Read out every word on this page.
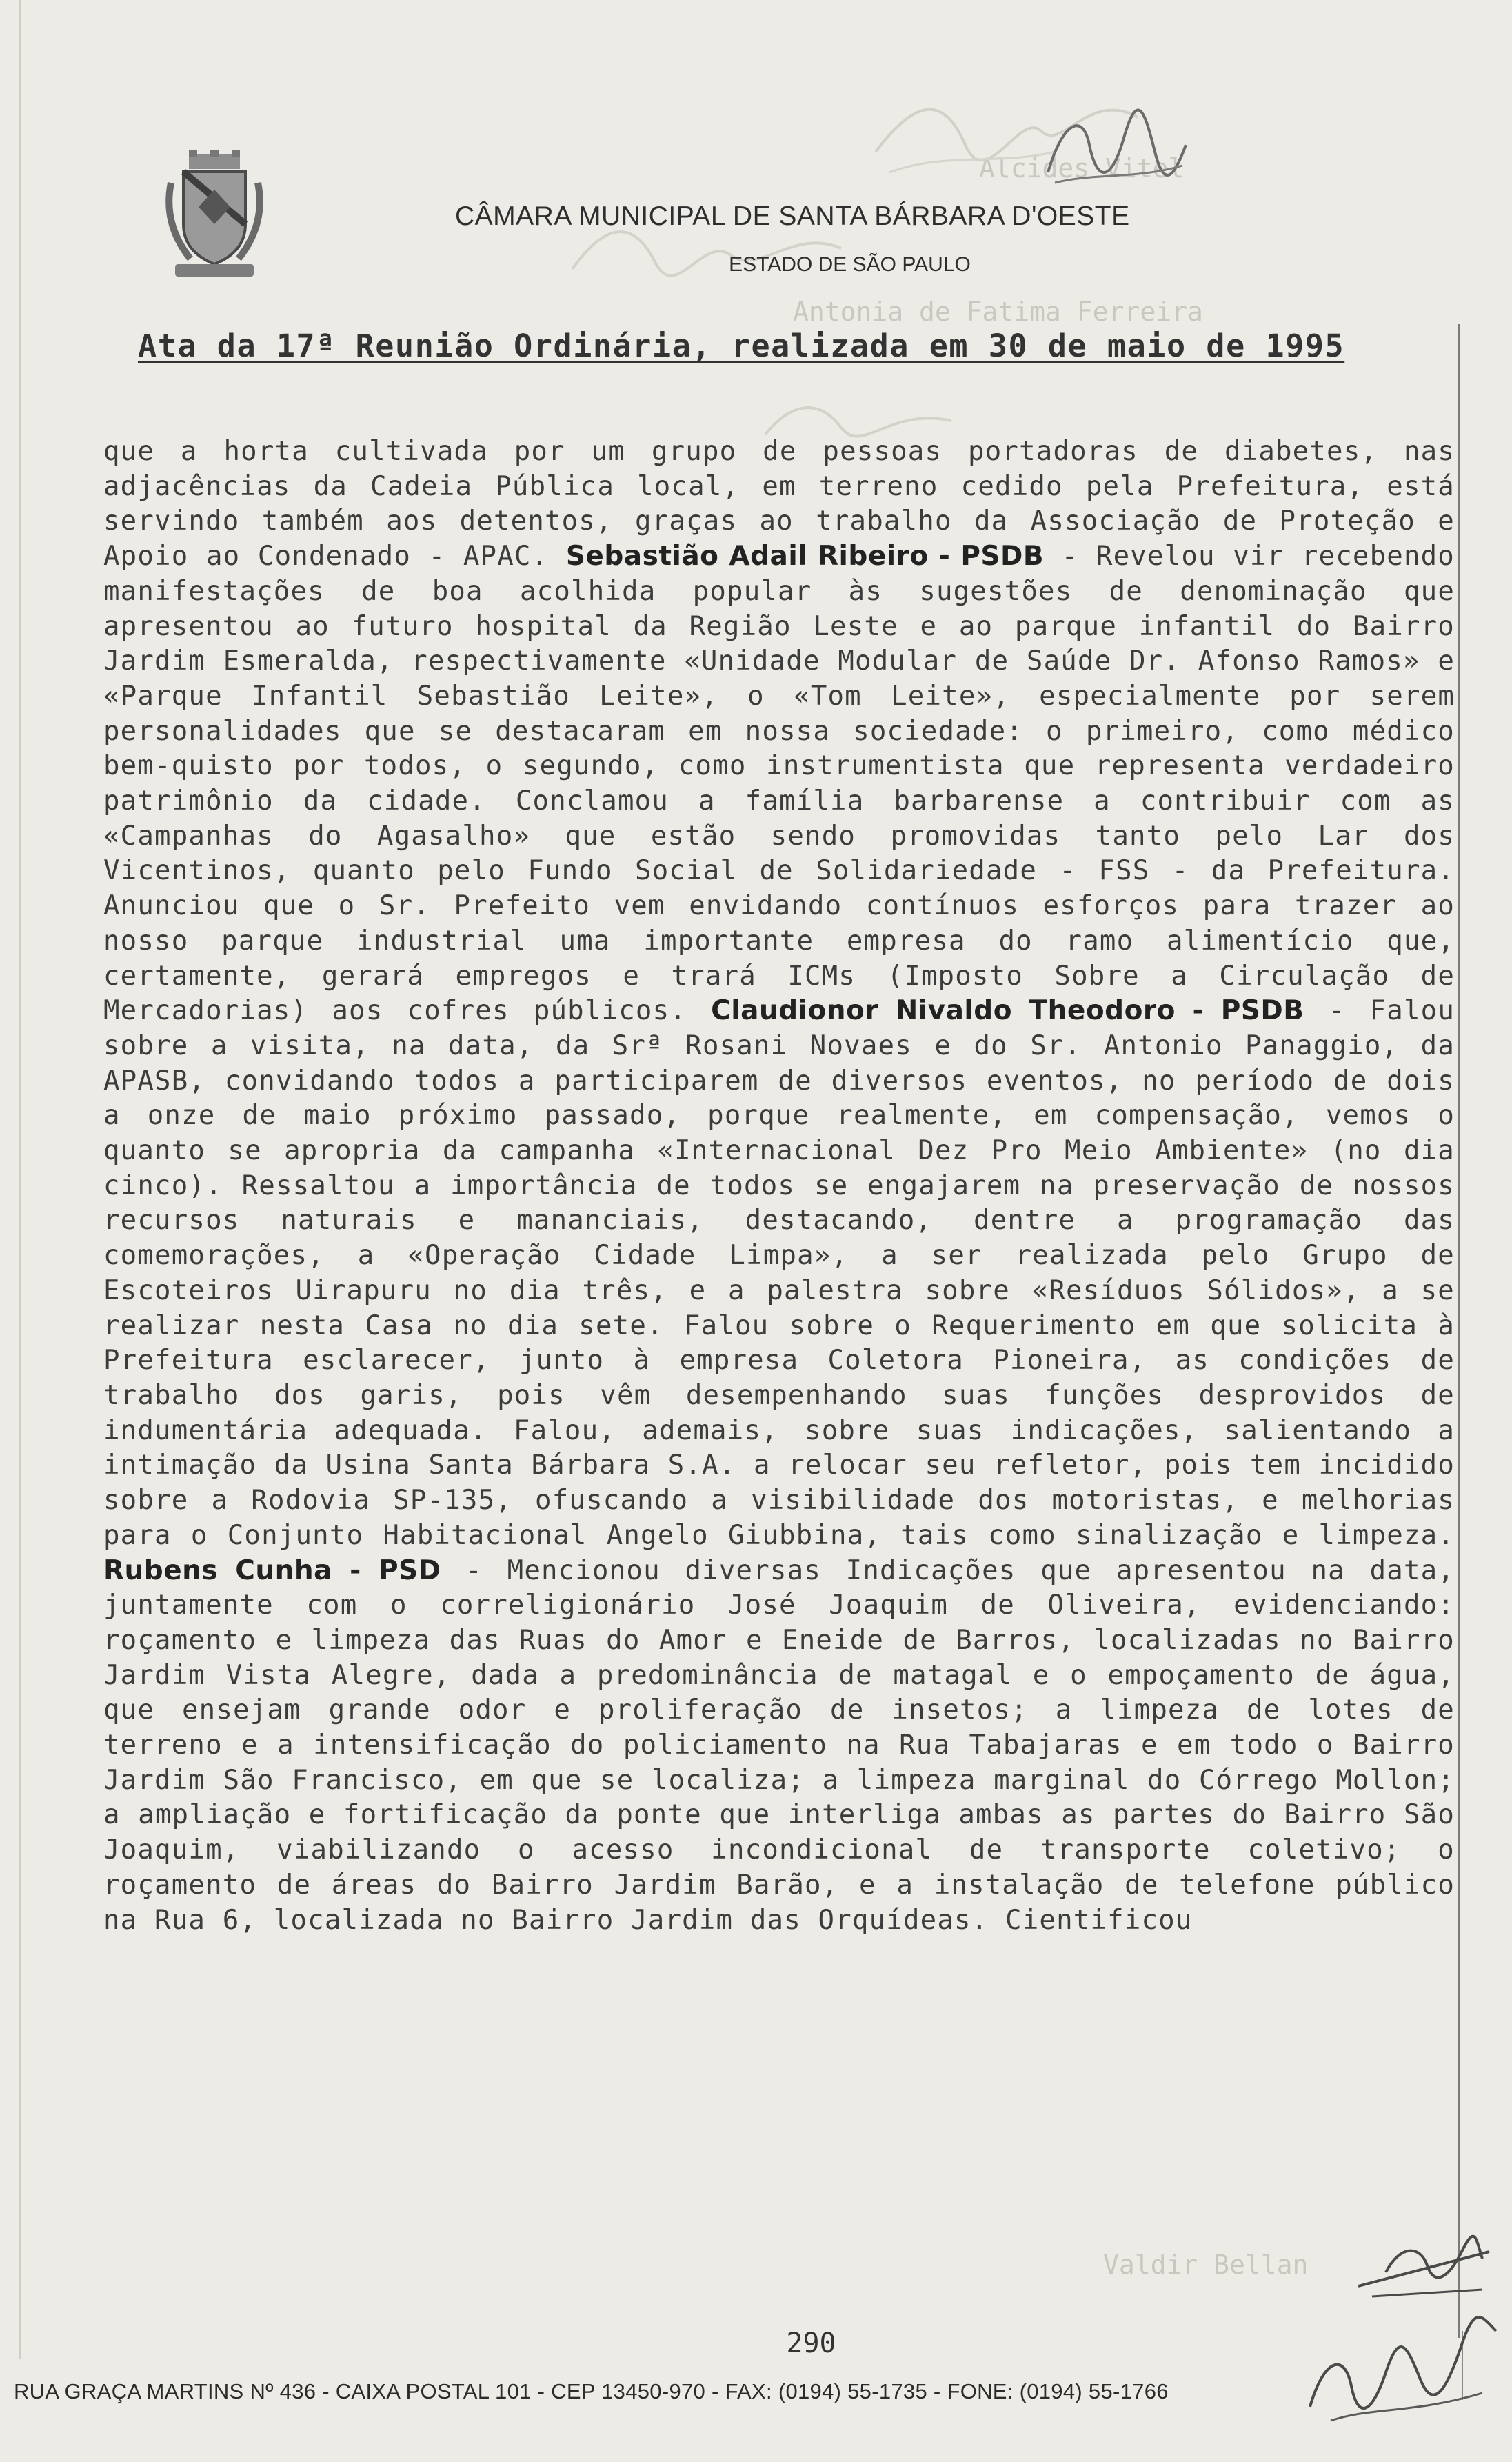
Alcides Vitel
Antonia de Fatima Ferreira
Valdir Bellan
CÂMARA MUNICIPAL DE SANTA BÁRBARA D'OESTE
ESTADO DE SÃO PAULO
Ata da 17ª Reunião Ordinária, realizada em 30 de maio de 1995
que a horta cultivada por um grupo de pessoas portadoras de diabetes, nas adjacências da Cadeia Pública local, em terreno cedido pela Prefeitura, está servindo também aos detentos, graças ao trabalho da Associação de Proteção e Apoio ao Condenado - APAC. Sebastião Adail Ribeiro - PSDB - Revelou vir recebendo manifestações de boa acolhida popular às sugestões de denominação que apresentou ao futuro hospital da Região Leste e ao parque infantil do Bairro Jardim Esmeralda, respectivamente «Unidade Modular de Saúde Dr. Afonso Ramos» e «Parque Infantil Sebastião Leite», o «Tom Leite», especialmente por serem personalidades que se destacaram em nossa sociedade: o primeiro, como médico bem-quisto por todos, o segundo, como instrumentista que representa verdadeiro patrimônio da cidade. Conclamou a família barbarense a contribuir com as «Campanhas do Agasalho» que estão sendo promovidas tanto pelo Lar dos Vicentinos, quanto pelo Fundo Social de Solidariedade - FSS - da Prefeitura. Anunciou que o Sr. Prefeito vem envidando contínuos esforços para trazer ao nosso parque industrial uma importante empresa do ramo alimentício que, certamente, gerará empregos e trará ICMs (Imposto Sobre a Circulação de Mercadorias) aos cofres públicos. Claudionor Nivaldo Theodoro - PSDB - Falou sobre a visita, na data, da Srª Rosani Novaes e do Sr. Antonio Panaggio, da APASB, convidando todos a participarem de diversos eventos, no período de dois a onze de maio próximo passado, porque realmente, em compensação, vemos o quanto se apropria da campanha «Internacional Dez Pro Meio Ambiente» (no dia cinco). Ressaltou a importância de todos se engajarem na preservação de nossos recursos naturais e mananciais, destacando, dentre a programação das comemorações, a «Operação Cidade Limpa», a ser realizada pelo Grupo de Escoteiros Uirapuru no dia três, e a palestra sobre «Resíduos Sólidos», a se realizar nesta Casa no dia sete. Falou sobre o Requerimento em que solicita à Prefeitura esclarecer, junto à empresa Coletora Pioneira, as condições de trabalho dos garis, pois vêm desempenhando suas funções desprovidos de indumentária adequada. Falou, ademais, sobre suas indicações, salientando a intimação da Usina Santa Bárbara S.A. a relocar seu refletor, pois tem incidido sobre a Rodovia SP-135, ofuscando a visibilidade dos motoristas, e melhorias para o Conjunto Habitacional Angelo Giubbina, tais como sinalização e limpeza. Rubens Cunha - PSD - Mencionou diversas Indicações que apresentou na data, juntamente com o correligionário José Joaquim de Oliveira, evidenciando: roçamento e limpeza das Ruas do Amor e Eneide de Barros, localizadas no Bairro Jardim Vista Alegre, dada a predominância de matagal e o empoçamento de água, que ensejam grande odor e proliferação de insetos; a limpeza de lotes de terreno e a intensificação do policiamento na Rua Tabajaras e em todo o Bairro Jardim São Francisco, em que se localiza; a limpeza marginal do Córrego Mollon; a ampliação e fortificação da ponte que interliga ambas as partes do Bairro São Joaquim, viabilizando o acesso incondicional de transporte coletivo; o roçamento de áreas do Bairro Jardim Barão, e a instalação de telefone público na Rua 6, localizada no Bairro Jardim das Orquídeas. Cientificou
290
RUA GRAÇA MARTINS Nº 436 - CAIXA POSTAL 101 - CEP 13450-970 - FAX: (0194) 55-1735 - FONE: (0194) 55-1766
